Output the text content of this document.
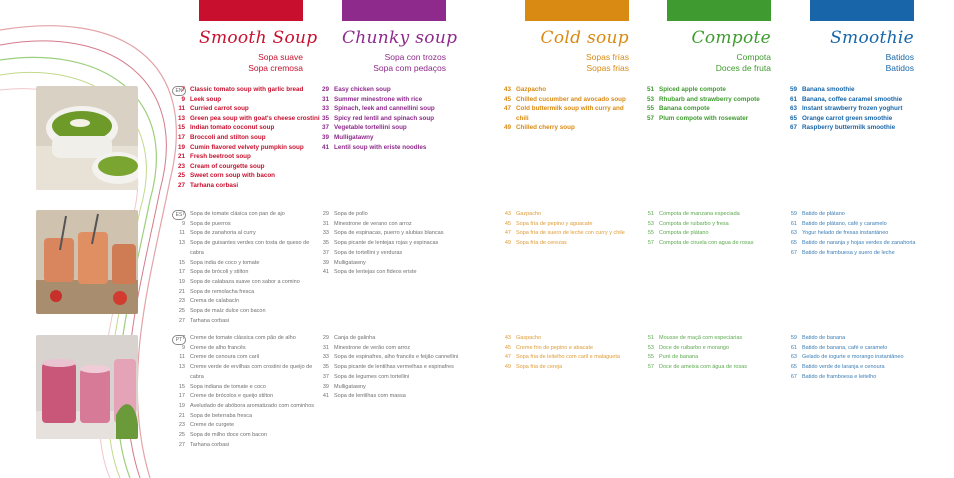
Smooth Soup
Sopa suave
Sopa cremosa
Chunky soup
Sopa con trozos
Sopa com pedaços
Cold soup
Sopas frías
Sopas frias
Compote
Compota
Doces de fruta
Smoothie
Batidos
Batidos
EN
ES
PT
7 Classic tomato soup with garlic bread
9 Leek soup
11 Curried carrot soup
13 Green pea soup with goat's cheese crostini
15 Indian tomato coconut soup
17 Broccoli and stilton soup
19 Cumin flavored velvety pumpkin soup
21 Fresh beetroot soup
23 Cream of courgette soup
25 Sweet corn soup with bacon
27 Tarhana corbasi
29 Easy chicken soup
31 Summer minestrone with rice
33 Spinach, leek and cannellini soup
35 Spicy red lentil and spinach soup
37 Vegetable tortellini soup
39 Mulligatawny
41 Lentil soup with eriste noodles
43 Gazpacho
45 Chilled cucumber and avocado soup
47 Cold buttermilk soup with curry and chili
49 Chilled cherry soup
51 Spiced apple compote
53 Rhubarb and strawberry compote
55 Banana compote
57 Plum compote with rosewater
59 Banana smoothie
61 Banana, coffee caramel smoothie
63 Instant strawberry frozen yoghurt
65 Orange carrot green smoothie
67 Raspberry buttermilk smoothie
7 Sopa de tomate clásica con pan de ajo
9 Sopa de puerros
11 Sopa de zanahoria al curry
13 Sopa de guisantes verdes con tosta de queso de cabra
15 Sopa india de coco y tomate
17 Sopa de brócoli y stilton
19 Sopa de calabaza suave con sabor a comino
21 Sopa de remolacha fresca
23 Crema de calabacín
25 Sopa de maíz dulce con bacon
27 Tarhana corbasi
29 Sopa de pollo
31 Minestrone de verano con arroz
33 Sopa de espinacas, puerro y alubias blancas
35 Sopa picante de lentejas rojas y espinacas
37 Sopa de tortellini y verduras
39 Mulligatawny
41 Sopa de lentejas con fideos eriste
43 Gazpacho
45 Sopa fría de pepino y aguacate
47 Sopa fría de suero de leche con curry y chile
49 Sopa fría de cerezas
51 Compota de manzana especiada
53 Compota de ruibarbo y fresa
55 Compota de plátano
57 Compota de ciruela con agua de rosas
59 Batido de plátano
61 Batido de plátano, café y caramelo
63 Yogur helado de fresas instantáneo
65 Batido de naranja y hojas verdes de zanahoria
67 Batido de frambuesa y suero de leche
7 Creme de tomate clássica com pão de alho
9 Creme de alho francês
11 Creme de cenoura com caril
13 Creme verde de ervilhas com crostini de queijo de cabra
15 Sopa indiana de tomate e coco
17 Creme de brócolos e queijo stilton
19 Aveludado de abóbora aromatizado com cominhos
21 Sopa de beterraba fresca
23 Creme de curgete
25 Sopa de milho doce com bacon
27 Tarhana corbasi
29 Canja de galinha
31 Minestrone de verão com arroz
33 Sopa de espinafres, alho francês e feijão cannellini
35 Sopa picante de lentilhas vermelhas e espinafres
37 Sopa de legumes com tortellini
39 Mulligatawny
41 Sopa de lentilhas com massa
43 Gaspacho
45 Creme frio de pepino e abacate
47 Sopa fria de leitelho com caril e malagueta
49 Sopa fria de cereja
51 Mousse de maçã com especiarias
53 Doce de ruibarbo e morango
55 Puré de banana
57 Doce de ameixa com água de rosas
59 Batido de banana
61 Batido de banana, café e caramelo
63 Gelado de iogurte e morango instantâneo
65 Batido verde de laranja e cenoura
67 Batido de framboesa e leitelho
